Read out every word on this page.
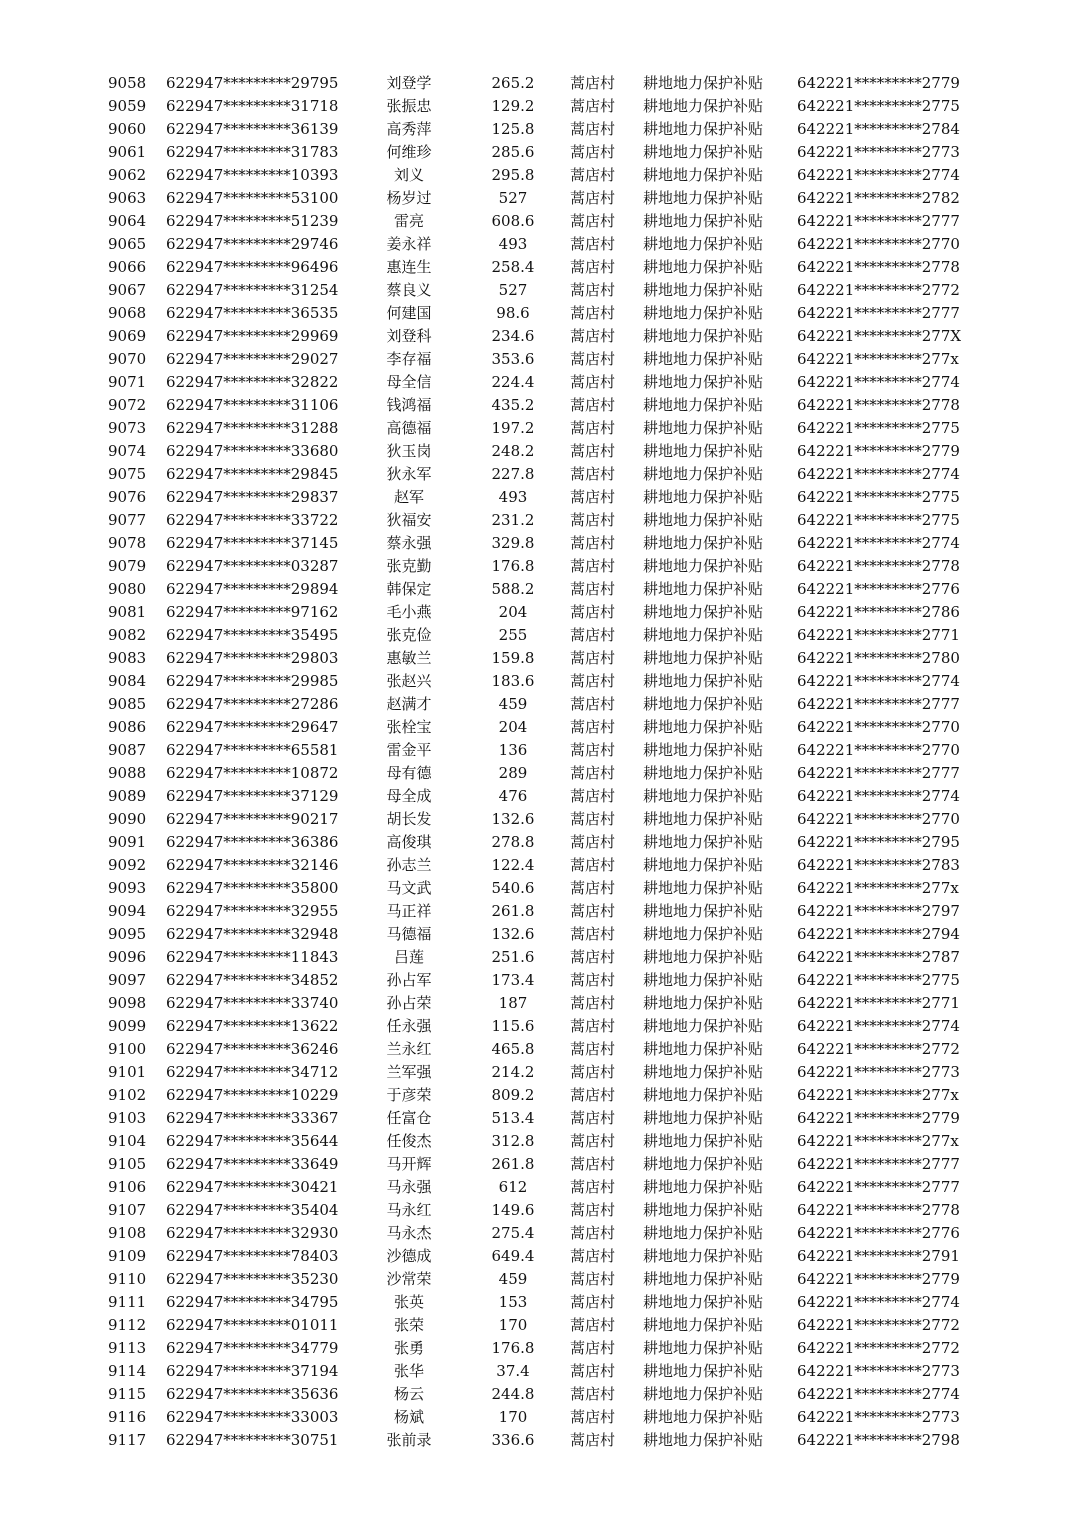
9058 622947*********29795	刘登学	265.2	蒿店村	耕地地力保护补贴	642221*********2779
9059 622947*********31718	张振忠	129.2	蒿店村	耕地地力保护补贴	642221*********2775
9060 622947*********36139	高秀萍	125.8	蒿店村	耕地地力保护补贴	642221*********2784
9061 622947*********31783	何维珍	285.6	蒿店村	耕地地力保护补贴	642221*********2773
9062 622947*********10393	刘义	295.8	蒿店村	耕地地力保护补贴	642221*********2774
9063 622947*********53100	杨岁过	527	蒿店村	耕地地力保护补贴	642221*********2782
9064 622947*********51239	雷亮	608.6	蒿店村	耕地地力保护补贴	642221*********2777
9065 622947*********29746	姜永祥	493	蒿店村	耕地地力保护补贴	642221*********2770
9066 622947*********96496	惠连生	258.4	蒿店村	耕地地力保护补贴	642221*********2778
9067 622947*********31254	蔡良义	527	蒿店村	耕地地力保护补贴	642221*********2772
9068 622947*********36535	何建国	98.6	蒿店村	耕地地力保护补贴	642221*********2777
9069 622947*********29969	刘登科	234.6	蒿店村	耕地地力保护补贴	642221*********277X
9070 622947*********29027	李存福	353.6	蒿店村	耕地地力保护补贴	642221*********277x
9071 622947*********32822	母全信	224.4	蒿店村	耕地地力保护补贴	642221*********2774
9072 622947*********31106	钱鸿福	435.2	蒿店村	耕地地力保护补贴	642221*********2778
9073 622947*********31288	高德福	197.2	蒿店村	耕地地力保护补贴	642221*********2775
9074 622947*********33680	狄玉岗	248.2	蒿店村	耕地地力保护补贴	642221*********2779
9075 622947*********29845	狄永军	227.8	蒿店村	耕地地力保护补贴	642221*********2774
9076 622947*********29837	赵军	493	蒿店村	耕地地力保护补贴	642221*********2775
9077 622947*********33722	狄福安	231.2	蒿店村	耕地地力保护补贴	642221*********2775
9078 622947*********37145	蔡永强	329.8	蒿店村	耕地地力保护补贴	642221*********2774
9079 622947*********03287	张克勤	176.8	蒿店村	耕地地力保护补贴	642221*********2778
9080 622947*********29894	韩保定	588.2	蒿店村	耕地地力保护补贴	642221*********2776
9081 622947*********97162	毛小燕	204	蒿店村	耕地地力保护补贴	642221*********2786
9082 622947*********35495	张克俭	255	蒿店村	耕地地力保护补贴	642221*********2771
9083 622947*********29803	惠敏兰	159.8	蒿店村	耕地地力保护补贴	642221*********2780
9084 622947*********29985	张赵兴	183.6	蒿店村	耕地地力保护补贴	642221*********2774
9085 622947*********27286	赵满才	459	蒿店村	耕地地力保护补贴	642221*********2777
9086 622947*********29647	张栓宝	204	蒿店村	耕地地力保护补贴	642221*********2770
9087 622947*********65581	雷金平	136	蒿店村	耕地地力保护补贴	642221*********2770
9088 622947*********10872	母有德	289	蒿店村	耕地地力保护补贴	642221*********2777
9089 622947*********37129	母全成	476	蒿店村	耕地地力保护补贴	642221*********2774
9090 622947*********90217	胡长发	132.6	蒿店村	耕地地力保护补贴	642221*********2770
9091 622947*********36386	高俊琪	278.8	蒿店村	耕地地力保护补贴	642221*********2795
9092 622947*********32146	孙志兰	122.4	蒿店村	耕地地力保护补贴	642221*********2783
9093 622947*********35800	马文武	540.6	蒿店村	耕地地力保护补贴	642221*********277x
9094 622947*********32955	马正祥	261.8	蒿店村	耕地地力保护补贴	642221*********2797
9095 622947*********32948	马德福	132.6	蒿店村	耕地地力保护补贴	642221*********2794
9096 622947*********11843	吕莲	251.6	蒿店村	耕地地力保护补贴	642221*********2787
9097 622947*********34852	孙占军	173.4	蒿店村	耕地地力保护补贴	642221*********2775
9098 622947*********33740	孙占荣	187	蒿店村	耕地地力保护补贴	642221*********2771
9099 622947*********13622	任永强	115.6	蒿店村	耕地地力保护补贴	642221*********2774
9100 622947*********36246	兰永红	465.8	蒿店村	耕地地力保护补贴	642221*********2772
9101 622947*********34712	兰军强	214.2	蒿店村	耕地地力保护补贴	642221*********2773
9102 622947*********10229	于彦荣	809.2	蒿店村	耕地地力保护补贴	642221*********277x
9103 622947*********33367	任富仓	513.4	蒿店村	耕地地力保护补贴	642221*********2779
9104 622947*********35644	任俊杰	312.8	蒿店村	耕地地力保护补贴	642221*********277x
9105 622947*********33649	马开辉	261.8	蒿店村	耕地地力保护补贴	642221*********2777
9106 622947*********30421	马永强	612	蒿店村	耕地地力保护补贴	642221*********2777
9107 622947*********35404	马永红	149.6	蒿店村	耕地地力保护补贴	642221*********2778
9108 622947*********32930	马永杰	275.4	蒿店村	耕地地力保护补贴	642221*********2776
9109 622947*********78403	沙德成	649.4	蒿店村	耕地地力保护补贴	642221*********2791
9110 622947*********35230	沙常荣	459	蒿店村	耕地地力保护补贴	642221*********2779
9111 622947*********34795	张英	153	蒿店村	耕地地力保护补贴	642221*********2774
9112 622947*********01011	张荣	170	蒿店村	耕地地力保护补贴	642221*********2772
9113 622947*********34779	张勇	176.8	蒿店村	耕地地力保护补贴	642221*********2772
9114 622947*********37194	张华	37.4	蒿店村	耕地地力保护补贴	642221*********2773
9115 622947*********35636	杨云	244.8	蒿店村	耕地地力保护补贴	642221*********2774
9116 622947*********33003	杨斌	170	蒿店村	耕地地力保护补贴	642221*********2773
9117 622947*********30751	张前录	336.6	蒿店村	耕地地力保护补贴	642221*********2798
